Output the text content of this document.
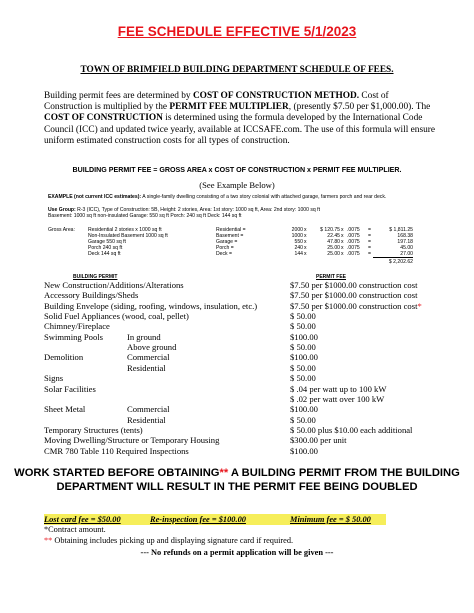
FEE SCHEDULE EFFECTIVE 5/1/2023
TOWN OF BRIMFIELD BUILDING DEPARTMENT SCHEDULE OF FEES.
Building permit fees are determined by COST OF CONSTRUCTION METHOD. Cost of Construction is multiplied by the PERMIT FEE MULTIPLIER, (presently $7.50 per $1,000.00). The COST OF CONSTRUCTION is determined using the formula developed by the International Code Council (ICC) and updated twice yearly, available at ICCSAFE.com. The use of this formula will ensure uniform estimated construction costs for all types of construction.
BUILDING PERMIT FEE = GROSS AREA x COST OF CONSTRUCTION x PERMIT FEE MULTIPLIER.
(See Example Below)
EXAMPLE (not current ICC estimates): A single-family dwelling consisting of a two story colonial with attached garage, farmers porch and rear deck.
Use Group: R-3 (ICC), Type of Construction: 5B, Height: 2 stories, Area: 1st story: 1000 sq ft, Area: 2nd story: 1000 sq ft
Basement: 1000 sq ft non-insulated Garage: 550 sq ft Porch: 240 sq ft Deck: 144 sq ft
Gross Area:	Residential 2 stories x 1000 sq ft	Residential =	2000 x	$ 120.75 x .0075	=	$ 1,811.25
Non-Insulated Basement 1000 sq ft	Basement =	1000 x	22.45 x .0075	=	168.38
Garage 550 sq ft	Garage =	550 x	47.80 x .0075	=	197.18
Porch 240 sq ft	Porch =	240 x	25.00 x .0075	=	45.00
Deck 144 sq ft	Deck =	144 x	25.00 x .0075	=	27.00
$ 2,202.62
BUILDING PERMIT	PERMIT FEE
New Construction/Additions/Alterations	$7.50 per $1000.00 construction cost
Accessory Buildings/Sheds	$7.50 per $1000.00 construction cost
Building Envelope (siding, roofing, windows, insulation, etc.)	$7.50 per $1000.00 construction cost*
Solid Fuel Appliances (wood, coal, pellet)	$ 50.00
Chimney/Fireplace	$ 50.00
Swimming Pools	In ground	$100.00
Above ground	$ 50.00
Demolition	Commercial	$100.00
Residential	$ 50.00
Signs	$ 50.00
Solar Facilities	$ .04 per watt up to 100 kW
$ .02 per watt over 100 kW
Sheet Metal	Commercial	$100.00
Residential	$ 50.00
Temporary Structures (tents)	$ 50.00 plus $10.00 each additional
Moving Dwelling/Structure or Temporary Housing	$300.00 per unit
CMR 780 Table 110 Required Inspections	$100.00
WORK STARTED BEFORE OBTAINING** A BUILDING PERMIT FROM THE BUILDING DEPARTMENT WILL RESULT IN THE PERMIT FEE BEING DOUBLED
Lost card fee = $50.00	Re-inspection fee = $100.00	Minimum fee = $ 50.00
*Contract amount.
** Obtaining includes picking up and displaying signature card if required.
--- No refunds on a permit application will be given ---
